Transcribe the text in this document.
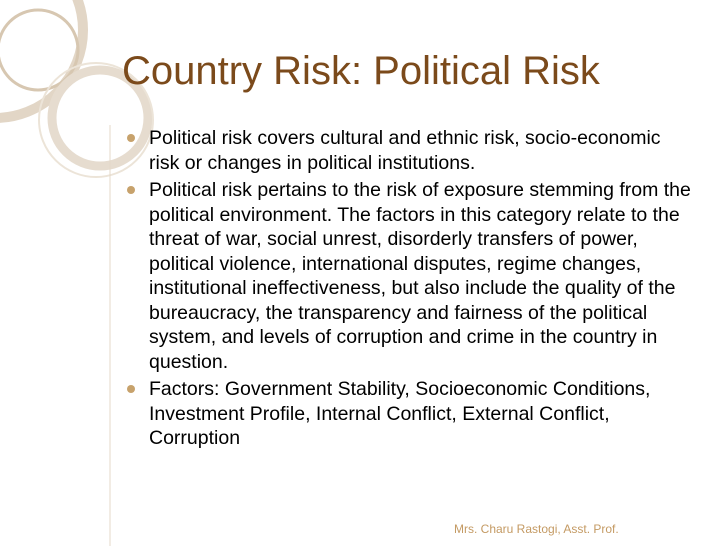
Country Risk: Political Risk
Political risk covers cultural and ethnic risk, socio-economic risk or changes in political institutions.
Political risk pertains to the risk of exposure stemming from the political environment. The factors in this category relate to the threat of war, social unrest, disorderly transfers of power, political violence, international disputes, regime changes, institutional ineffectiveness, but also include the quality of the bureaucracy, the transparency and fairness of the political system, and levels of corruption and crime in the country in question.
Factors: Government Stability, Socioeconomic Conditions, Investment Profile, Internal Conflict, External Conflict, Corruption
Mrs. Charu Rastogi, Asst. Prof.
